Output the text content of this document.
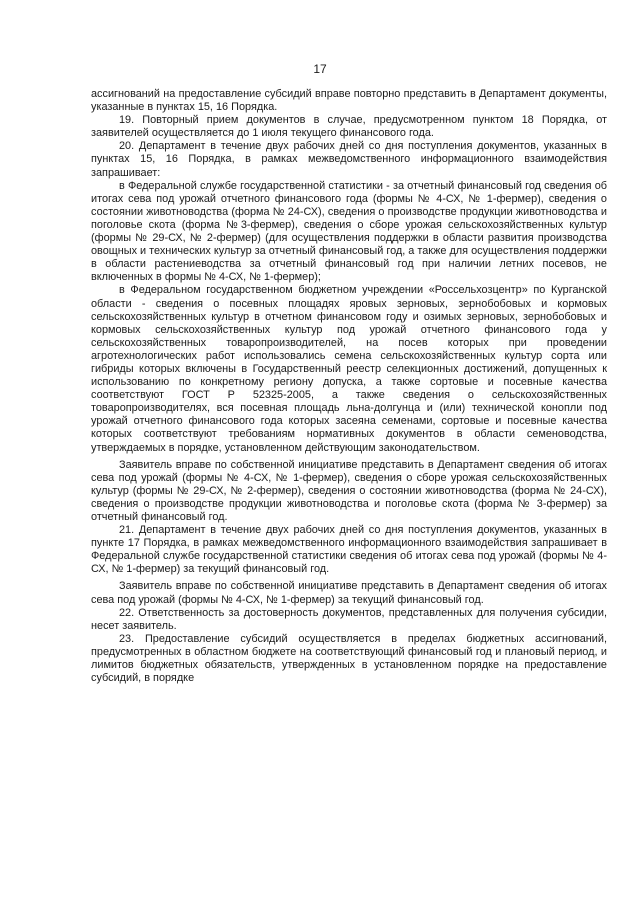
17

ассигнований на предоставление субсидий вправе повторно представить в Департамент документы, указанные в пунктах 15, 16 Порядка.

19. Повторный прием документов в случае, предусмотренном пунктом 18 Порядка, от заявителей осуществляется до 1 июля текущего финансового года.

20. Департамент в течение двух рабочих дней со дня поступления документов, указанных в пунктах 15, 16 Порядка, в рамках межведомственного информационного взаимодействия запрашивает:

в Федеральной службе государственной статистики - за отчетный финансовый год сведения об итогах сева под урожай отчетного финансового года (формы № 4-СХ, № 1-фермер), сведения о состоянии животноводства (форма № 24-СХ), сведения о производстве продукции животноводства и поголовье скота (форма №3-фермер), сведения о сборе урожая сельскохозяйственных культур (формы № 29-СХ, № 2-фермер) (для осуществления поддержки в области развития производства овощных и технических культур за отчетный финансовый год, а также для осуществления поддержки в области растениеводства за отчетный финансовый год при наличии летних посевов, не включенных в формы № 4-СХ, № 1-фермер);

в Федеральном государственном бюджетном учреждении «Россельхозцентр» по Курганской области - сведения о посевных площадях яровых зерновых, зернобобовых и кормовых сельскохозяйственных культур в отчетном финансовом году и озимых зерновых, зернобобовых и кормовых сельскохозяйственных культур под урожай отчетного финансового года у сельскохозяйственных товаропроизводителей, на посев которых при проведении агротехнологических работ использовались семена сельскохозяйственных культур сорта или гибриды которых включены в Государственный реестр селекционных достижений, допущенных к использованию по конкретному региону допуска, а также сортовые и посевные качества соответствуют ГОСТ Р 52325-2005, а также сведения о сельскохозяйственных товаропроизводителях, вся посевная площадь льна-долгунца и (или) технической конопли под урожай отчетного финансового года которых засеяна семенами, сортовые и посевные качества которых соответствуют требованиям нормативных документов в области семеноводства, утверждаемых в порядке, установленном действующим законодательством.

Заявитель вправе по собственной инициативе представить в Департамент сведения об итогах сева под урожай (формы № 4-СХ, № 1-фермер), сведения о сборе урожая сельскохозяйственных культур (формы № 29-СХ, № 2-фермер), сведения о состоянии животноводства (форма № 24-СХ), сведения о производстве продукции животноводства и поголовье скота (форма № 3-фермер) за отчетный финансовый год.

21. Департамент в течение двух рабочих дней со дня поступления документов, указанных в пункте 17 Порядка, в рамках межведомственного информационного взаимодействия запрашивает в Федеральной службе государственной статистики сведения об итогах сева под урожай (формы № 4-СХ, № 1-фермер) за текущий финансовый год.

Заявитель вправе по собственной инициативе представить в Департамент сведения об итогах сева под урожай (формы № 4-СХ, № 1-фермер) за текущий финансовый год.

22. Ответственность за достоверность документов, представленных для получения субсидии, несет заявитель.

23. Предоставление субсидий осуществляется в пределах бюджетных ассигнований, предусмотренных в областном бюджете на соответствующий финансовый год и плановый период, и лимитов бюджетных обязательств, утвержденных в установленном порядке на предоставление субсидий, в порядке
